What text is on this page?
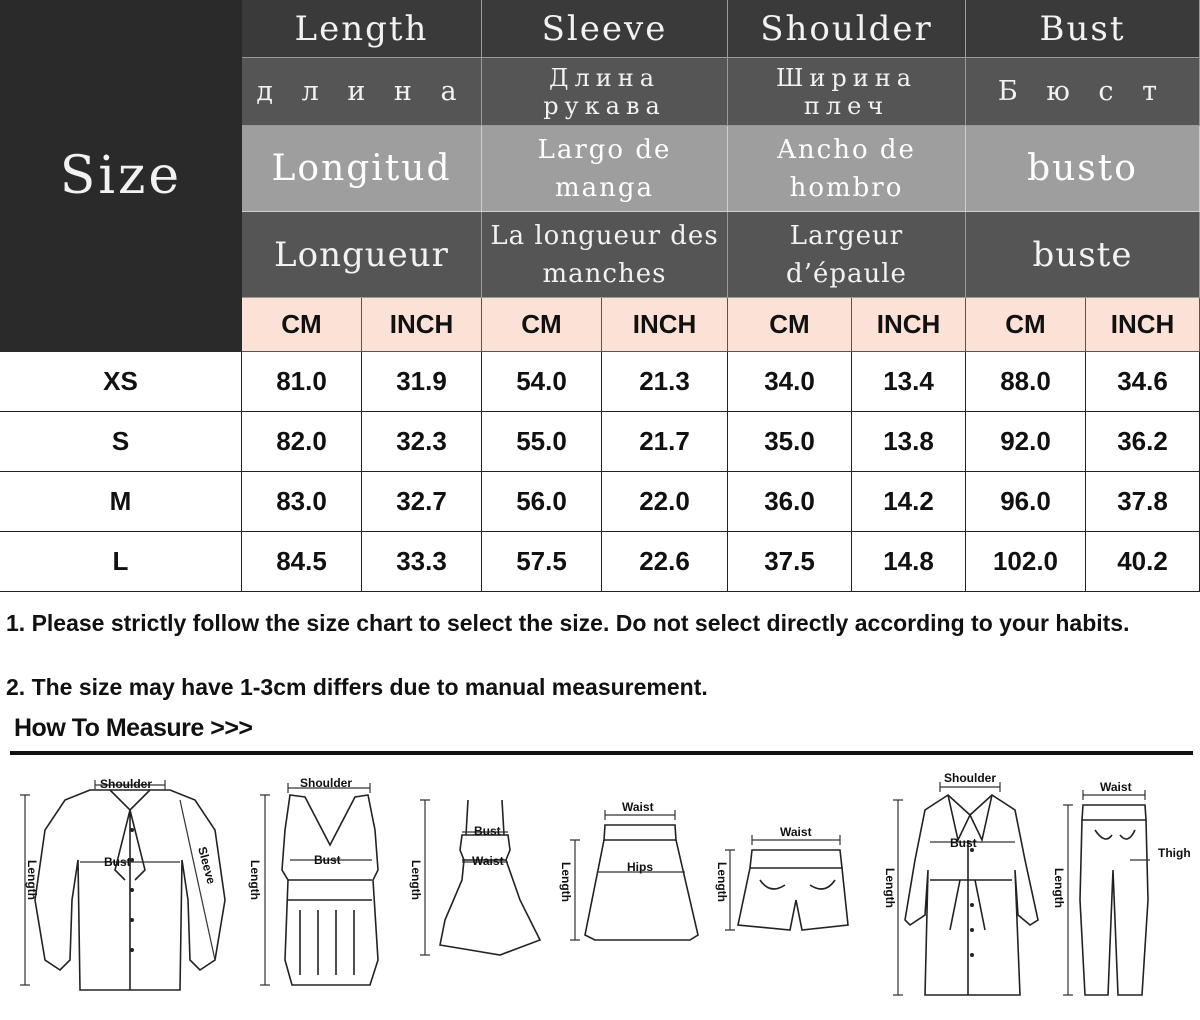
Size
Length
д л и н а
Longitud
Longueur
Sleeve
Длина рукава
Largo de manga
La longueur des manches
Shoulder
Ширина плеч
Ancho de hombro
Largeur d’épaule
Bust
Б ю с т
busto
buste
CM	INCH	CM	INCH	CM	INCH	CM	INCH
XS	81.0	31.9	54.0	21.3	34.0	13.4	88.0	34.6
S	82.0	32.3	55.0	21.7	35.0	13.8	92.0	36.2
M	83.0	32.7	56.0	22.0	36.0	14.2	96.0	37.8
L	84.5	33.3	57.5	22.6	37.5	14.8	102.0	40.2
1. Please strictly follow the size chart to select the size. Do not select directly according to your habits.
2. The size may have 1-3cm differs due to manual measurement.
How To Measure >>>
Shoulder
Bust
Length	Sleeve
Shoulder
Bust
Length
Bust
Waist
Length
Waist
Hips
Length
Waist
Length
Shoulder
Bust
Length
Waist
Thigh
Length
